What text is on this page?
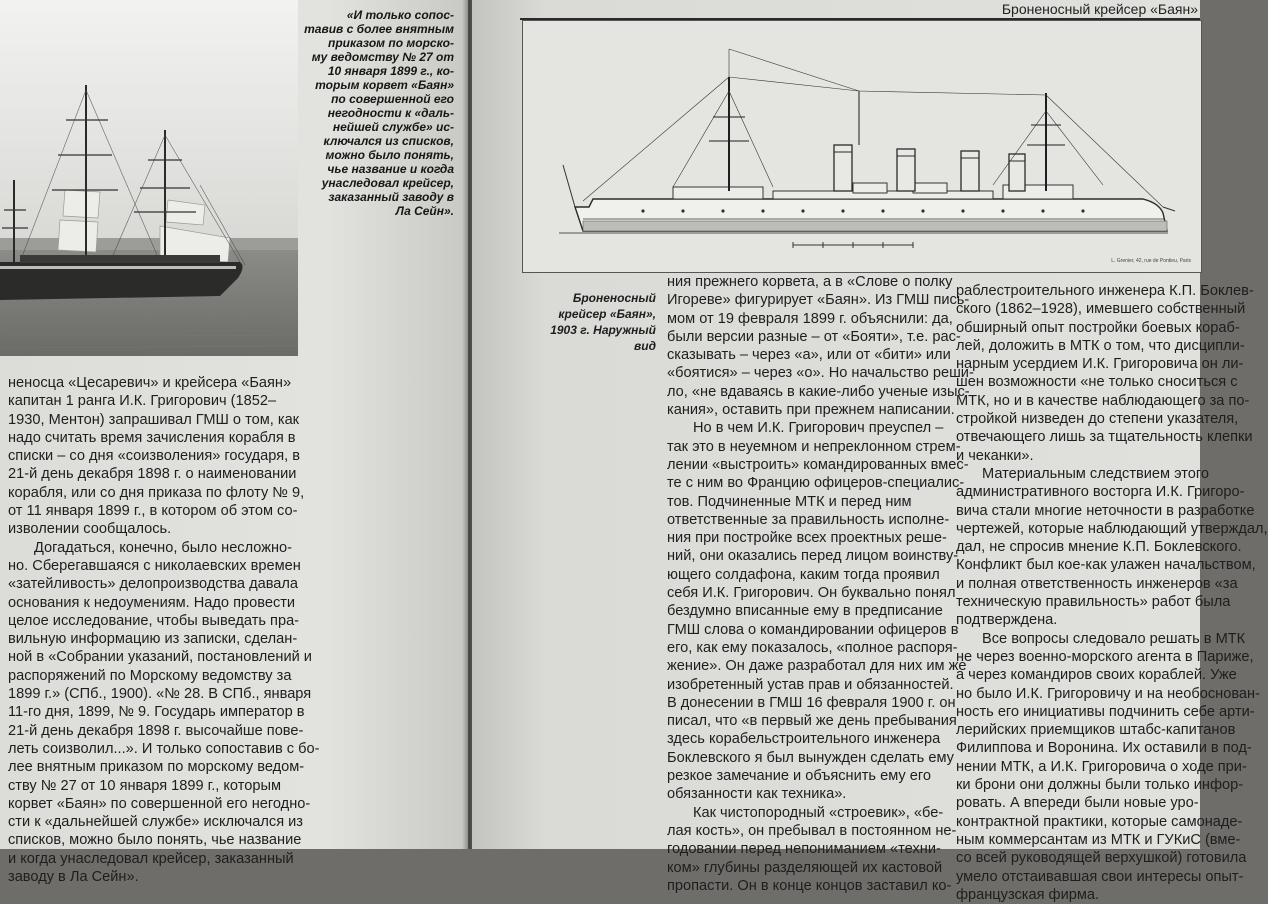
«И только сопос-
тавив с более внятным
приказом по морско-
му ведомству № 27 от
10 января 1899 г., ко-
торым корвет «Баян»
по совершенной его
негодности к «даль-
нейшей службе» ис-
ключался из списков,
можно было понять,
чье название и когда
унаследовал крейсер,
заказанный заводу в
Ла Сейн».
неносца «Цесаревич» и крейсера «Баян»
капитан 1 ранга И.К. Григорович (1852–
1930, Ментон) запрашивал ГМШ о том, как
надо считать время зачисления корабля в
списки – со дня «соизволения» государя, в
21-й день декабря 1898 г. о наименовании
корабля, или со дня приказа по флоту № 9,
от 11 января 1899 г., в котором об этом со-
изволении сообщалось.
Догадаться, конечно, было несложно-
но. Сберегавшаяся с николаевских времен
«затейливость» делопроизводства давала
основания к недоумениям. Надо провести
целое исследование, чтобы выведать пра-
вильную информацию из записки, сделан-
ной в «Собрании указаний, постановлений и
распоряжений по Морскому ведомству за
1899 г.» (СПб., 1900). «№ 28. В СПб., января
11-го дня, 1899, № 9. Государь император в
21-й день декабря 1898 г. высочайше пове-
леть соизволил...». И только сопоставив с бо-
лее внятным приказом по морскому ведом-
ству № 27 от 10 января 1899 г., которым
корвет «Баян» по совершенной его негодно-
сти к «дальнейшей службе» исключался из
списков, можно было понять, чье название
и когда унаследовал крейсер, заказанный
заводу в Ла Сейн».
Броненосный крейсер «Баян»
L. Grenier, 42, rue de Pontieu, Paris
Броненосный
крейсер «Баян»,
1903 г. Наружный
вид
ния прежнего корвета, а в «Слове о полку
Игореве» фигурирует «Баян». Из ГМШ пись-
мом от 19 февраля 1899 г. объяснили: да,
были версии разные – от «Бояти», т.е. рас-
сказывать – через «а», или от «бити» или
«боятися» – через «о». Но начальство реши-
ло, «не вдаваясь в какие-либо ученые изыс-
кания», оставить при прежнем написании.
Но в чем И.К. Григорович преуспел –
так это в неуемном и непреклонном стрем-
лении «выстроить» командированных вмес-
те с ним во Францию офицеров-специалис-
тов. Подчиненные МТК и перед ним
ответственные за правильность исполне-
ния при постройке всех проектных реше-
ний, они оказались перед лицом воинству-
ющего солдафона, каким тогда проявил
себя И.К. Григорович. Он буквально понял
бездумно вписанные ему в предписание
ГМШ слова о командировании офицеров в
его, как ему показалось, «полное распоря-
жение». Он даже разработал для них им же
изобретенный устав прав и обязанностей.
В донесении в ГМШ 16 февраля 1900 г. он
писал, что «в первый же день пребывания
здесь корабельстроительного инженера
Боклевского я был вынужден сделать ему
резкое замечание и объяснить ему его
обязанности как техника».
Как чистопородный «строевик», «бе-
лая кость», он пребывал в постоянном не-
годовании перед непониманием «техни-
ком» глубины разделяющей их кастовой
пропасти. Он в конце концов заставил ко-
раблестроительного инженера К.П. Боклев-
ского (1862–1928), имевшего собственный
обширный опыт постройки боевых кораб-
лей, доложить в МТК о том, что дисципли-
нарным усердием И.К. Григоровича он ли-
шен возможности «не только сноситься с
МТК, но и в качестве наблюдающего за по-
стройкой низведен до степени указателя,
отвечающего лишь за тщательность клепки
и чеканки».
Материальным следствием этого
административного восторга И.К. Григоро-
вича стали многие неточности в разработке
чертежей, которые наблюдающий утверждал,
дал, не спросив мнение К.П. Боклевского.
Конфликт был кое-как улажен начальством,
и полная ответственность инженеров «за
техническую правильность» работ была
подтверждена.
Все вопросы следовало решать в МТК
не через военно-морского агента в Париже,
а через командиров своих кораблей. Уже
но было И.К. Григоровичу и на необоснован-
ность его инициативы подчинить себе арти-
лерийских приемщиков штабс-капитанов
Филиппова и Воронина. Их оставили в под-
нении МТК, а И.К. Григоровича о ходе при-
ки брони они должны были только инфор-
ровать. А впереди были новые уро-
контрактной практики, которые самонаде-
ным коммерсантам из МТК и ГУКиС (вме-
со всей руководящей верхушкой) готовила
умело отстаивавшая свои интересы опыт-
французская фирма.
